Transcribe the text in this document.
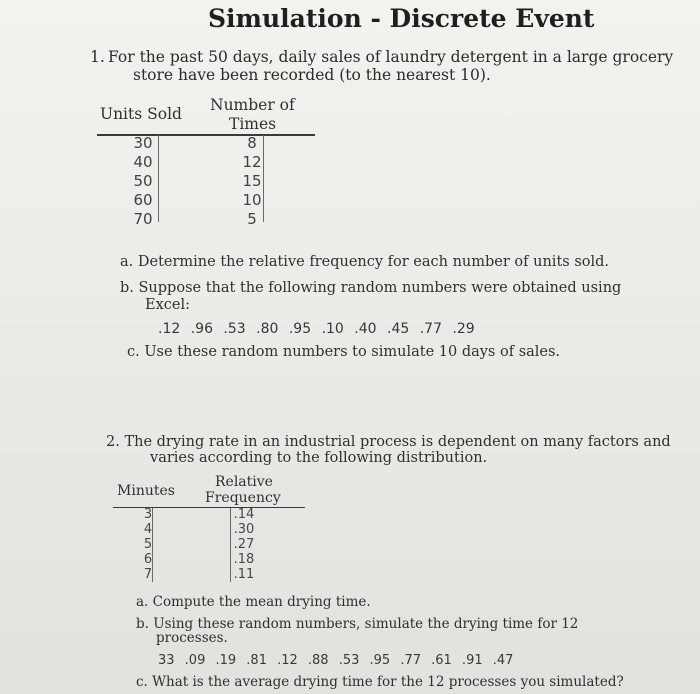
Simulation - Discrete Event
1. For the past 50 days, daily sales of laundry detergent in a large grocery
store have been recorded (to the nearest 10).
Units Sold Number of
Times
30
40
50
60
70
8
12
15
10
5
a. Determine the relative frequency for each number of units sold.
b. Suppose that the following random numbers were obtained using
Excel:
.12 .96 .53 .80 .95 .10 .40 .45 .77 .29
c. Use these random numbers to simulate 10 days of sales.
2. The drying rate in an industrial process is dependent on many factors and
varies according to the following distribution.
Minutes
Relative
Frequency
3
4
5
6
7
.14
.30
.27
.18
.11
a. Compute the mean drying time.
b. Using these random numbers, simulate the drying time for 12
processes.
33 .09 .19 .81 .12 .88 .53 .95 .77 .61 .91 .47
c. What is the average drying time for the 12 processes you simulated?
